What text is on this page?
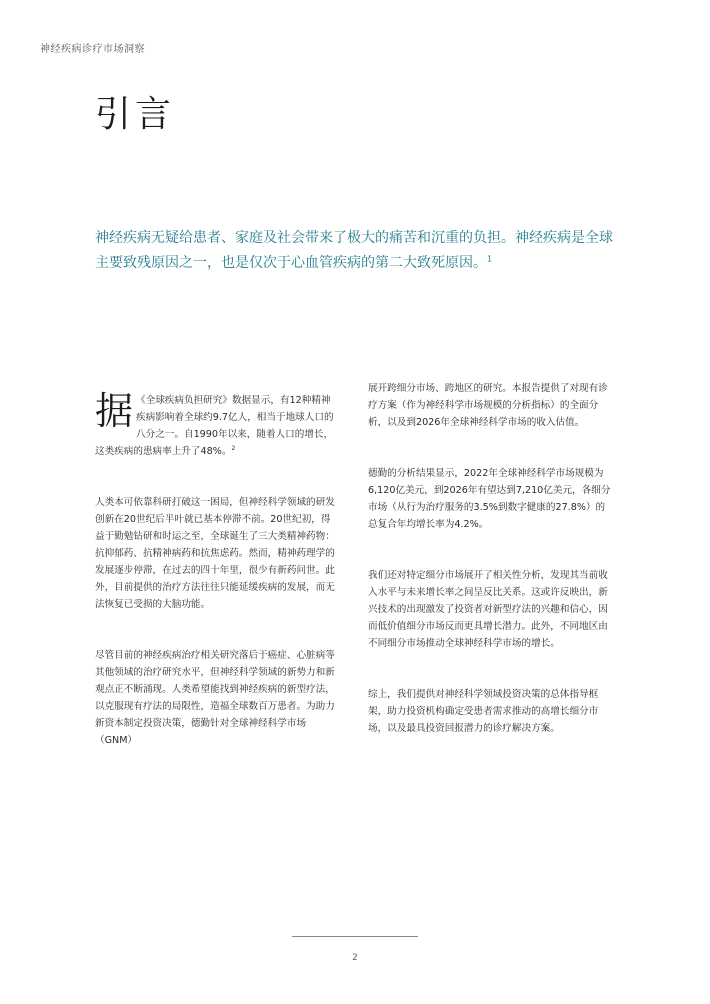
神经疾病诊疗市场洞察
引言

神经疾病无疑给患者、家庭及社会带来了极大的痛苦和沉重的负担。神经疾病是全球主要致残原因之一，也是仅次于心血管疾病的第二大致死原因。$^1$

据 《全球疾病负担研究》数据显示，有12种精神疾病影响着全球约9.7亿人，相当于地球人口的八分之一。自1990年以来，随着人口的增长，这类疾病的患病率上升了48%。$^2$

人类本可依靠科研打破这一困局，但神经科学领域的研发创新在20世纪后半叶就已基本停滞不前。20世纪初，得益于勤勉钻研和时运之至，全球诞生了三大类精神药物：抗抑郁药、抗精神病药和抗焦虑药。然而，精神药理学的发展逐步停滞，在过去的四十年里，很少有新药问世。此外，目前提供的治疗方法往往只能延缓疾病的发展，而无法恢复已受损的大脑功能。

尽管目前的神经疾病治疗相关研究落后于癌症、心脏病等其他领域的治疗研究水平，但神经科学领域的新势力和新观点正不断涌现。人类希望能找到神经疾病的新型疗法，以克服现有疗法的局限性，造福全球数百万患者。为助力新资本制定投资决策，德勤针对全球神经科学市场（GNM）

展开跨细分市场、跨地区的研究。本报告提供了对现有诊疗方案（作为神经科学市场规模的分析指标）的全面分析，以及到2026年全球神经科学市场的收入估值。

德勤的分析结果显示，2022年全球神经科学市场规模为6,120亿美元，到2026年有望达到7,210亿美元，各细分市场（从行为治疗服务的3.5%到数字健康的27.8%）的总复合年均增长率为4.2%。

我们还对特定细分市场展开了相关性分析，发现其当前收入水平与未来增长率之间呈反比关系。这或许反映出，新兴技术的出现激发了投资者对新型疗法的兴趣和信心，因而低价值细分市场反而更具增长潜力。此外，不同地区由不同细分市场推动全球神经科学市场的增长。

综上，我们提供对神经科学领域投资决策的总体指导框架，助力投资机构确定受患者需求推动的高增长细分市场，以及最具投资回报潜力的诊疗解决方案。

2
